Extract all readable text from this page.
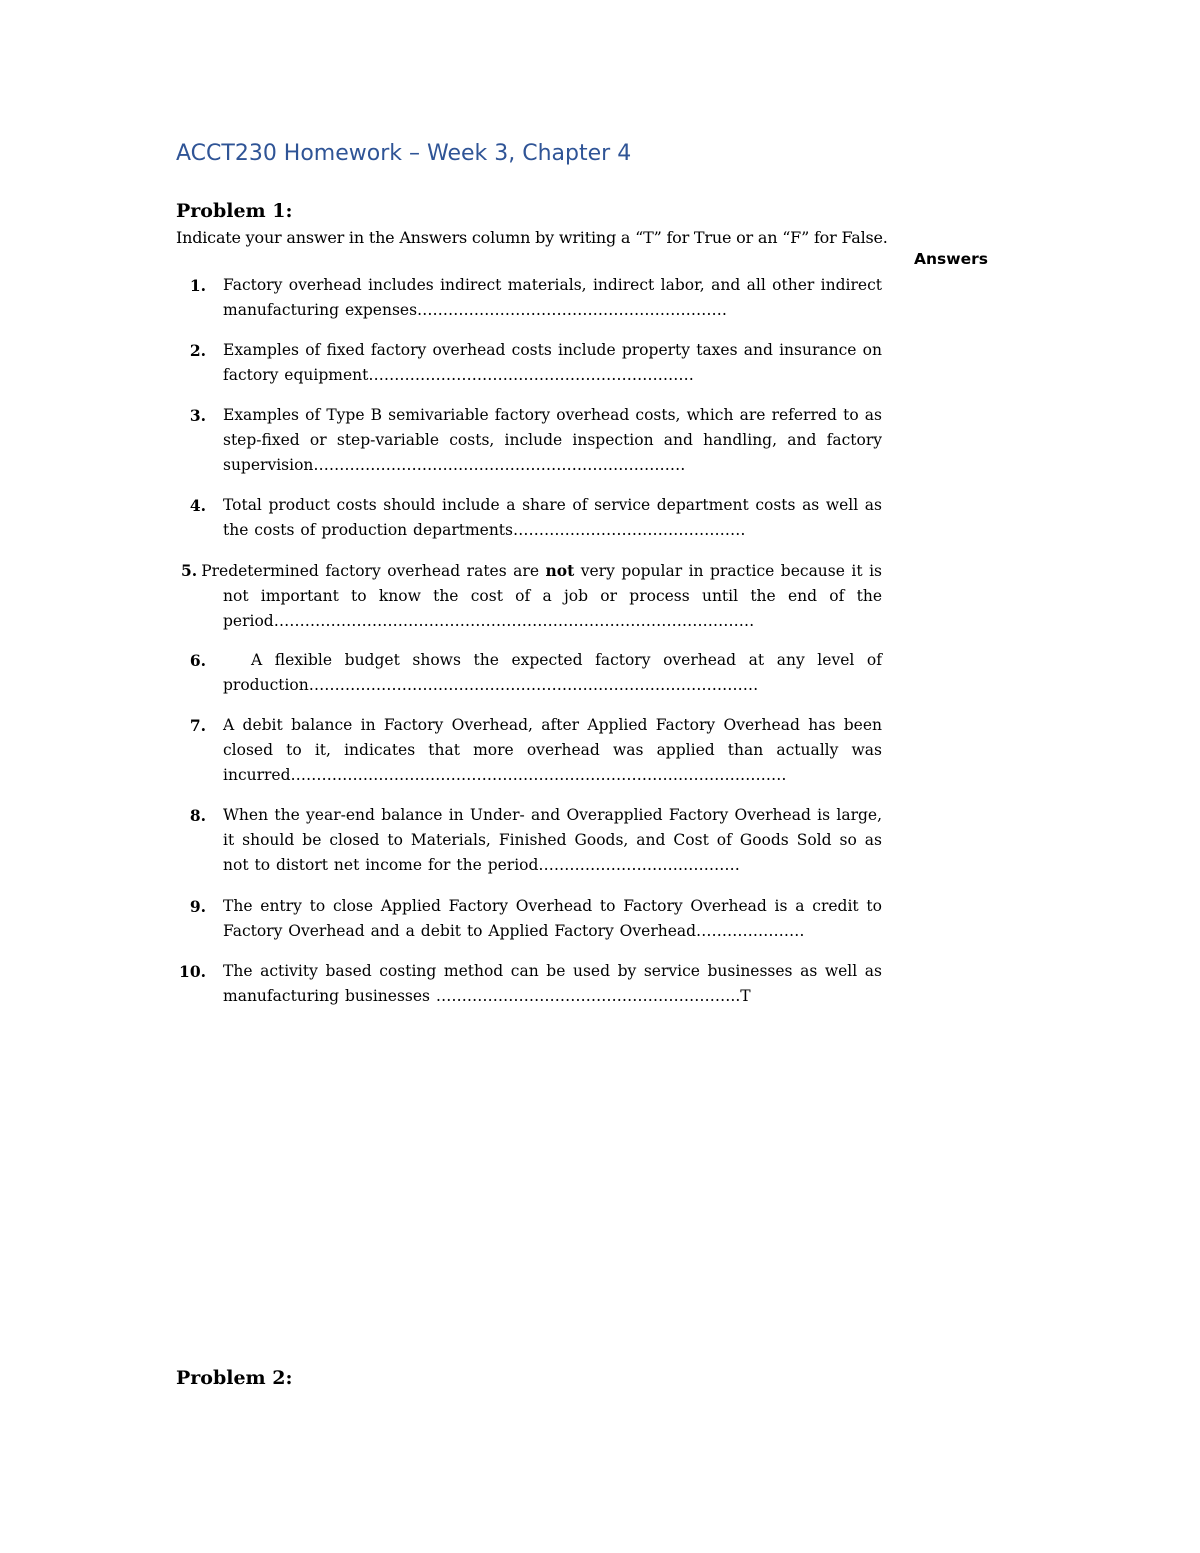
ACCT230 Homework – Week 3, Chapter 4
Problem 1:

Indicate your answer in the Answers column by writing a “T” for True or an “F” for False.

Answers
1. Factory overhead includes indirect materials, indirect labor, and all other indirect manufacturing expenses……………………………………………………
2. Examples of fixed factory overhead costs include property taxes and insurance on factory equipment………………………………………………………
3. Examples of Type B semivariable factory overhead costs, which are referred to as step-fixed or step-variable costs, include inspection and handling, and factory supervision………………………………………………………………
4. Total product costs should include a share of service department costs as well as the costs of production departments………………………………………
5. Predetermined factory overhead rates are not very popular in practice because it is not important to know the cost of a job or process until the end of the period…………………………………………………………………………………
6.	A flexible budget shows the expected factory overhead at any level of production……………………………………………………………………………
7. A debit balance in Factory Overhead, after Applied Factory Overhead has been closed to it, indicates that more overhead was applied than actually was incurred……………………………………………………………………………………
8. When the year-end balance in Under- and Overapplied Factory Overhead is large, it should be closed to Materials, Finished Goods, and Cost of Goods Sold so as not to distort net income for the period…………………………………
9. The entry to close Applied Factory Overhead to Factory Overhead is a credit to Factory Overhead and a debit to Applied Factory Overhead…………………
10. The activity based costing method can be used by service businesses as well as manufacturing businesses …………………………………………………..T
Problem 2:
